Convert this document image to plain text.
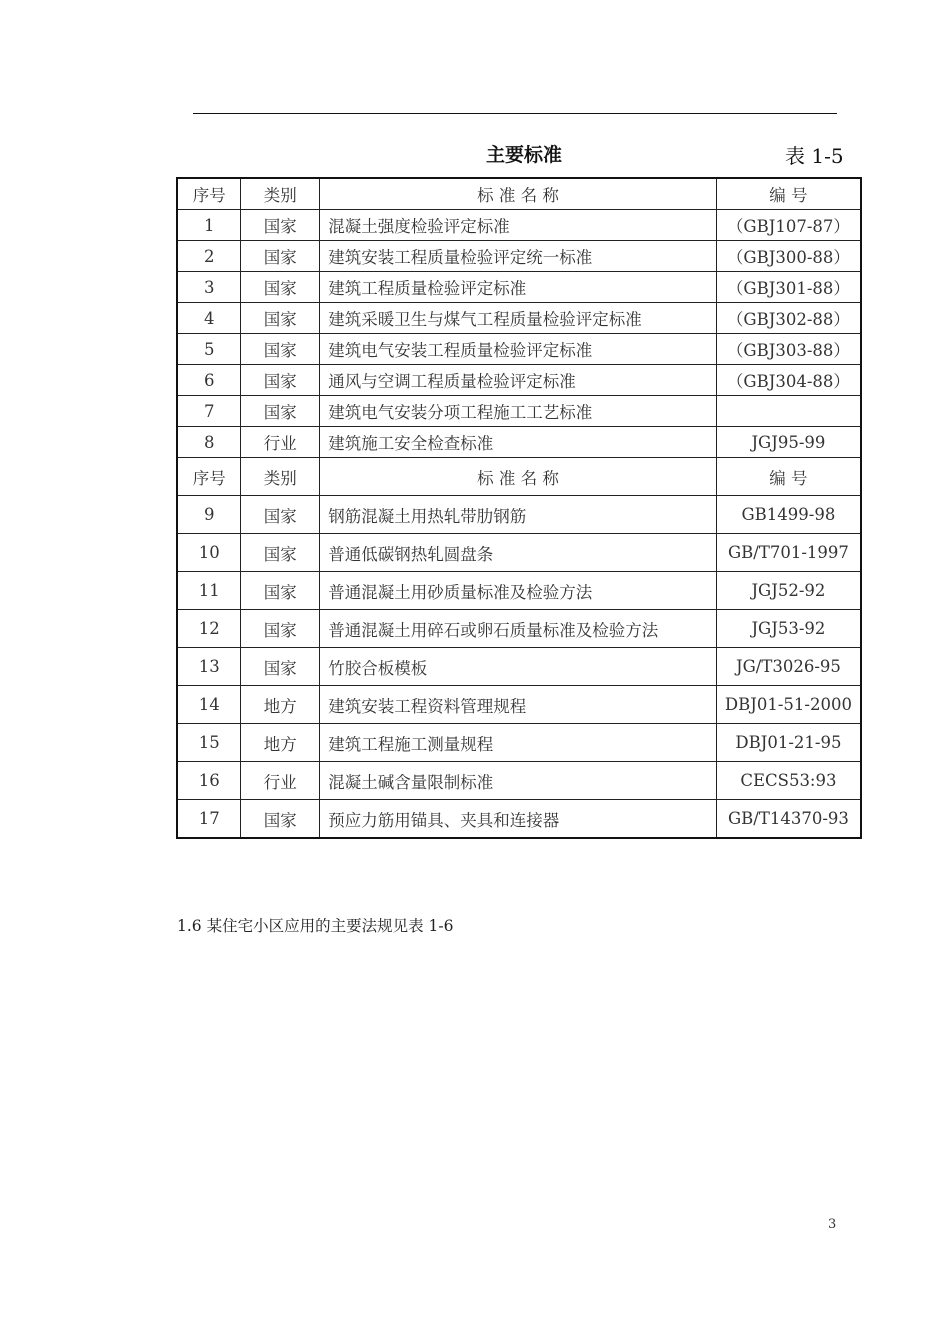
主要标准	表 1-5
序号	类别	标 准 名 称	编 号
1	国家	混凝土强度检验评定标准	（GBJ107-87）
2	国家	建筑安装工程质量检验评定统一标准	（GBJ300-88）
3	国家	建筑工程质量检验评定标准	（GBJ301-88）
4	国家	建筑采暖卫生与煤气工程质量检验评定标准	（GBJ302-88）
5	国家	建筑电气安装工程质量检验评定标准	（GBJ303-88）
6	国家	通风与空调工程质量检验评定标准	（GBJ304-88）
7	国家	建筑电气安装分项工程施工工艺标准	
8	行业	建筑施工安全检查标准	JGJ95-99
序号	类别	标 准 名 称	编 号
9	国家	钢筋混凝土用热轧带肋钢筋	GB1499-98
10	国家	普通低碳钢热轧圆盘条	GB/T701-1997
11	国家	普通混凝土用砂质量标准及检验方法	JGJ52-92
12	国家	普通混凝土用碎石或卵石质量标准及检验方法	JGJ53-92
13	国家	竹胶合板模板	JG/T3026-95
14	地方	建筑安装工程资料管理规程	DBJ01-51-2000
15	地方	建筑工程施工测量规程	DBJ01-21-95
16	行业	混凝土碱含量限制标准	CECS53:93
17	国家	预应力筋用锚具、夹具和连接器	GB/T14370-93
1.6 某住宅小区应用的主要法规见表 1-6
3
